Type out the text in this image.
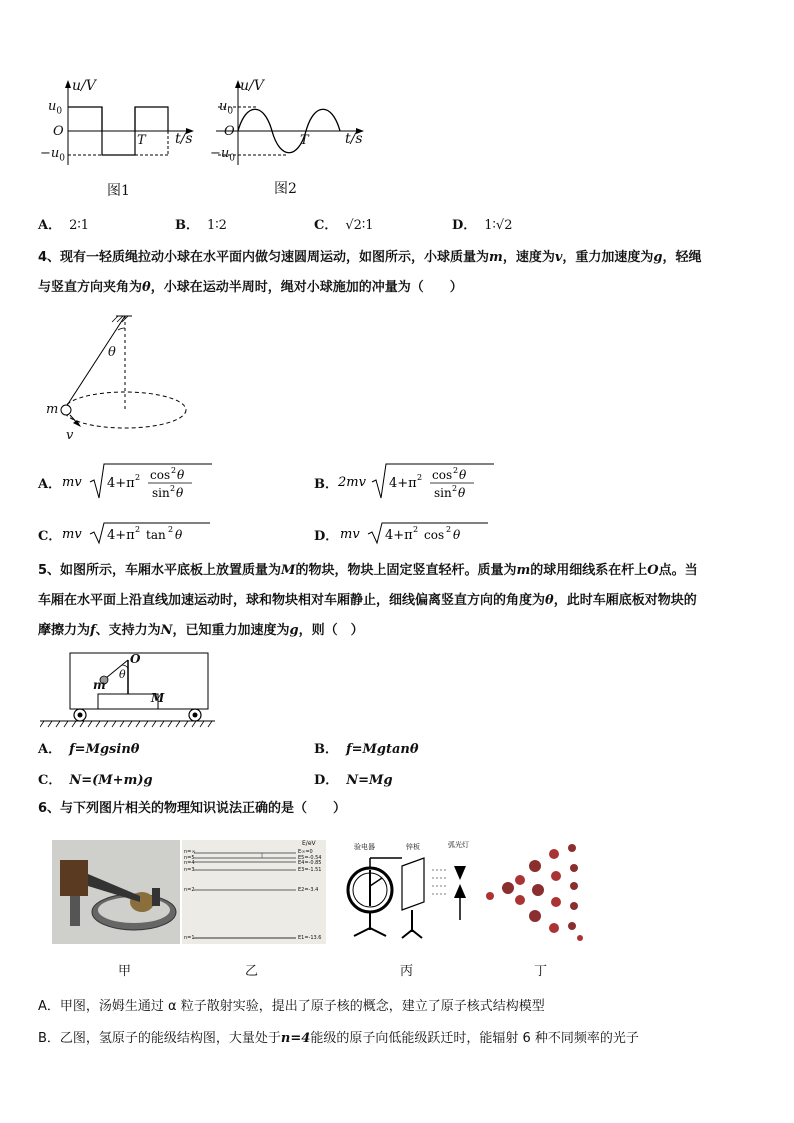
u/V
t/s
$u_0$
O
$-u_0$
T
图1
u/V
t/s
$u_0$
O
$-u_0$
T
图2
A． 2∶1	B． 1∶2	C． √2∶1	D． 1∶√2
4、现有一轻质绳拉动小球在水平面内做匀速圆周运动，如图所示，小球质量为m，速度为v，重力加速度为g，轻绳
与竖直方向夹角为θ，小球在运动半周时，绳对小球施加的冲量为（　　）
θ
m
v
A． mv 4+π 2 cos 2 θ
sin 2 θ
B． 2mv 4+π 2 cos 2 θ
sin 2 θ
C． mv 4+π 2 tan 2 θ	D． mv 4+π 2 cos 2 θ
5、如图所示，车厢水平底板上放置质量为M的物块，物块上固定竖直轻杆。质量为m的球用细线系在杆上O点。当
车厢在水平面上沿直线加速运动时，球和物块相对车厢静止，细线偏离竖直方向的角度为θ，此时车厢底板对物块的
摩擦力为f、支持力为N，已知重力加速度为g，则（　）
O
θ
m
M
A． f=Mgsinθ	B． f=Mgtanθ
C． N=(M+m)g	D． N=Mg
6、与下列图片相关的物理知识说法正确的是（　　）
E/eV
n=∞	E∞=0
n=5	E5=-0.54
n=4	E4=-0.85
n=3	E3=-1.51
n=2	E2=-3.4
n=1	E1=-13.6
验电器	锌板	弧光灯
甲	乙	丙	丁
A．甲图，汤姆生通过 α 粒子散射实验，提出了原子核的概念，建立了原子核式结构模型
B．乙图，氢原子的能级结构图，大量处于n=4能级的原子向低能级跃迁时，能辐射 6 种不同频率的光子
